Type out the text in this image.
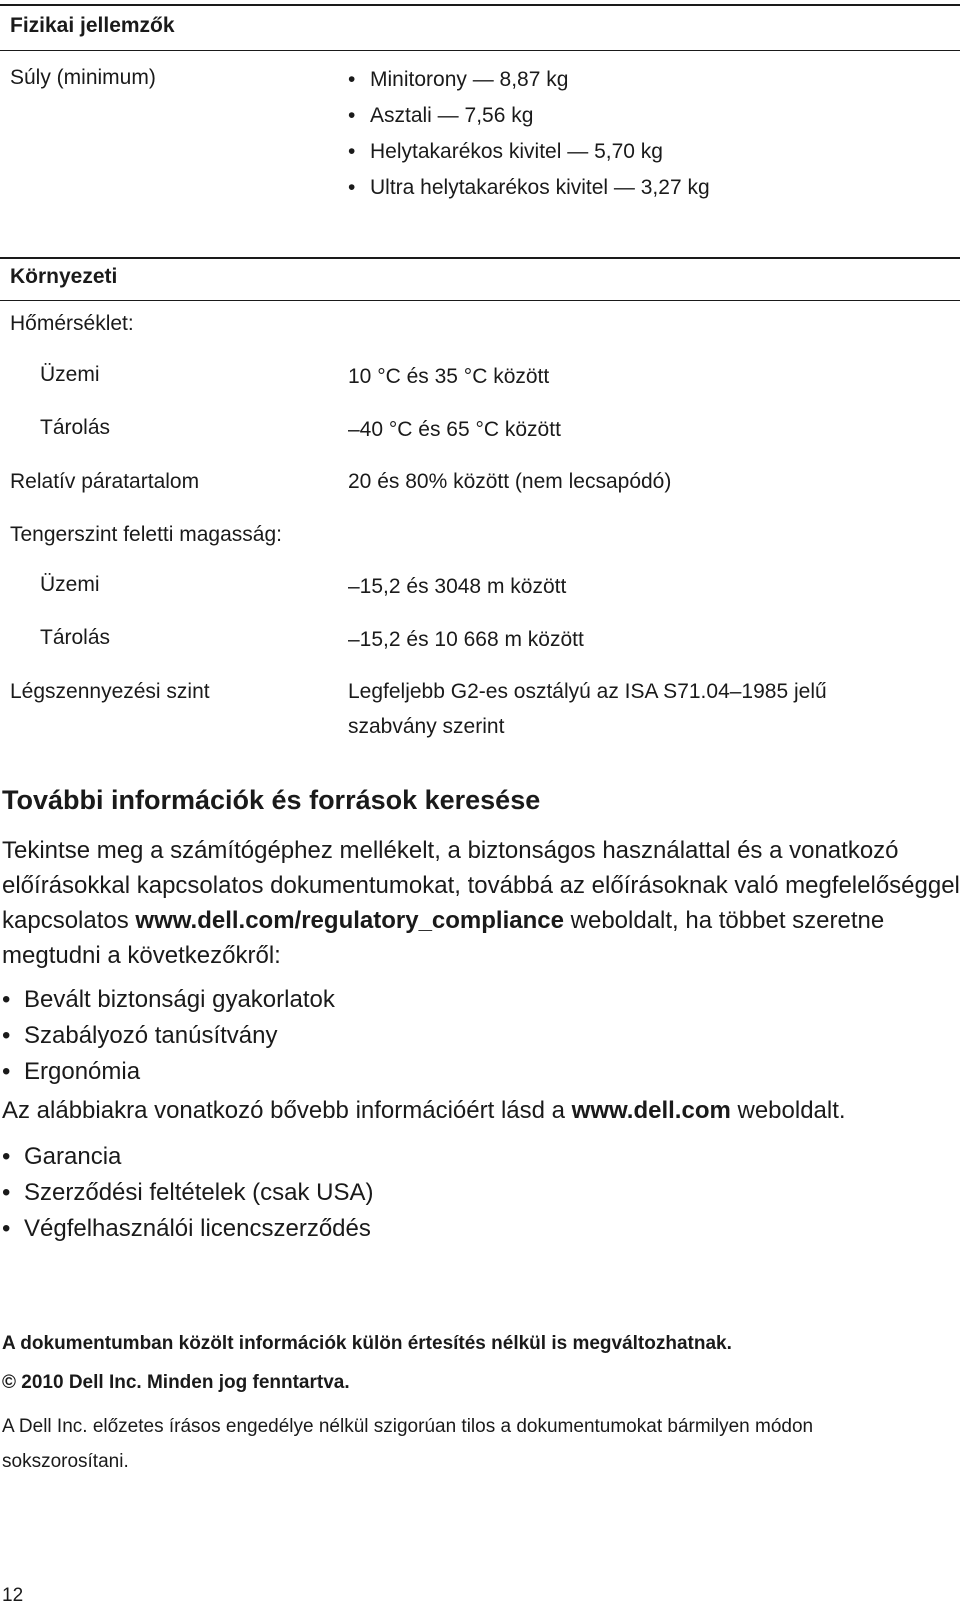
Fizikai jellemzők
Súly (minimum)
•	Minitorony — 8,87 kg
• Asztali — 7,56 kg
• Helytakarékos kivitel — 5,70 kg
• Ultra helytakarékos kivitel — 3,27 kg
Környezeti
Hőmérséklet:
Üzemi	10 °C és 35 °C között
Tárolás	–40 °C és 65 °C között
Relatív páratartalom	20 és 80% között (nem lecsapódó)
Tengerszint feletti magasság:
Üzemi	–15,2 és 3048 m között
Tárolás	–15,2 és 10 668 m között
Légszennyezési szint	Legfeljebb G2-es osztályú az ISA S71.04–1985 jelű
szabvány szerint
További információk és források keresése
Tekintse meg a számítógéphez mellékelt, a biztonságos használattal és a vonatkozó előírásokkal kapcsolatos dokumentumokat, továbbá az előírásoknak való megfelelőséggel kapcsolatos www.dell.com/regulatory_compliance weboldalt, ha többet szeretne megtudni a következőkről:
• Bevált biztonsági gyakorlatok
• Szabályozó tanúsítvány
• Ergonómia
Az alábbiakra vonatkozó bővebb információért lásd a www.dell.com weboldalt.
• Garancia
• Szerződési feltételek (csak USA)
• Végfelhasználói licencszerződés
A dokumentumban közölt információk külön értesítés nélkül is megváltozhatnak.
© 2010 Dell Inc. Minden jog fenntartva.
A Dell Inc. előzetes írásos engedélye nélkül szigorúan tilos a dokumentumokat bármilyen módon sokszorosítani.
12
